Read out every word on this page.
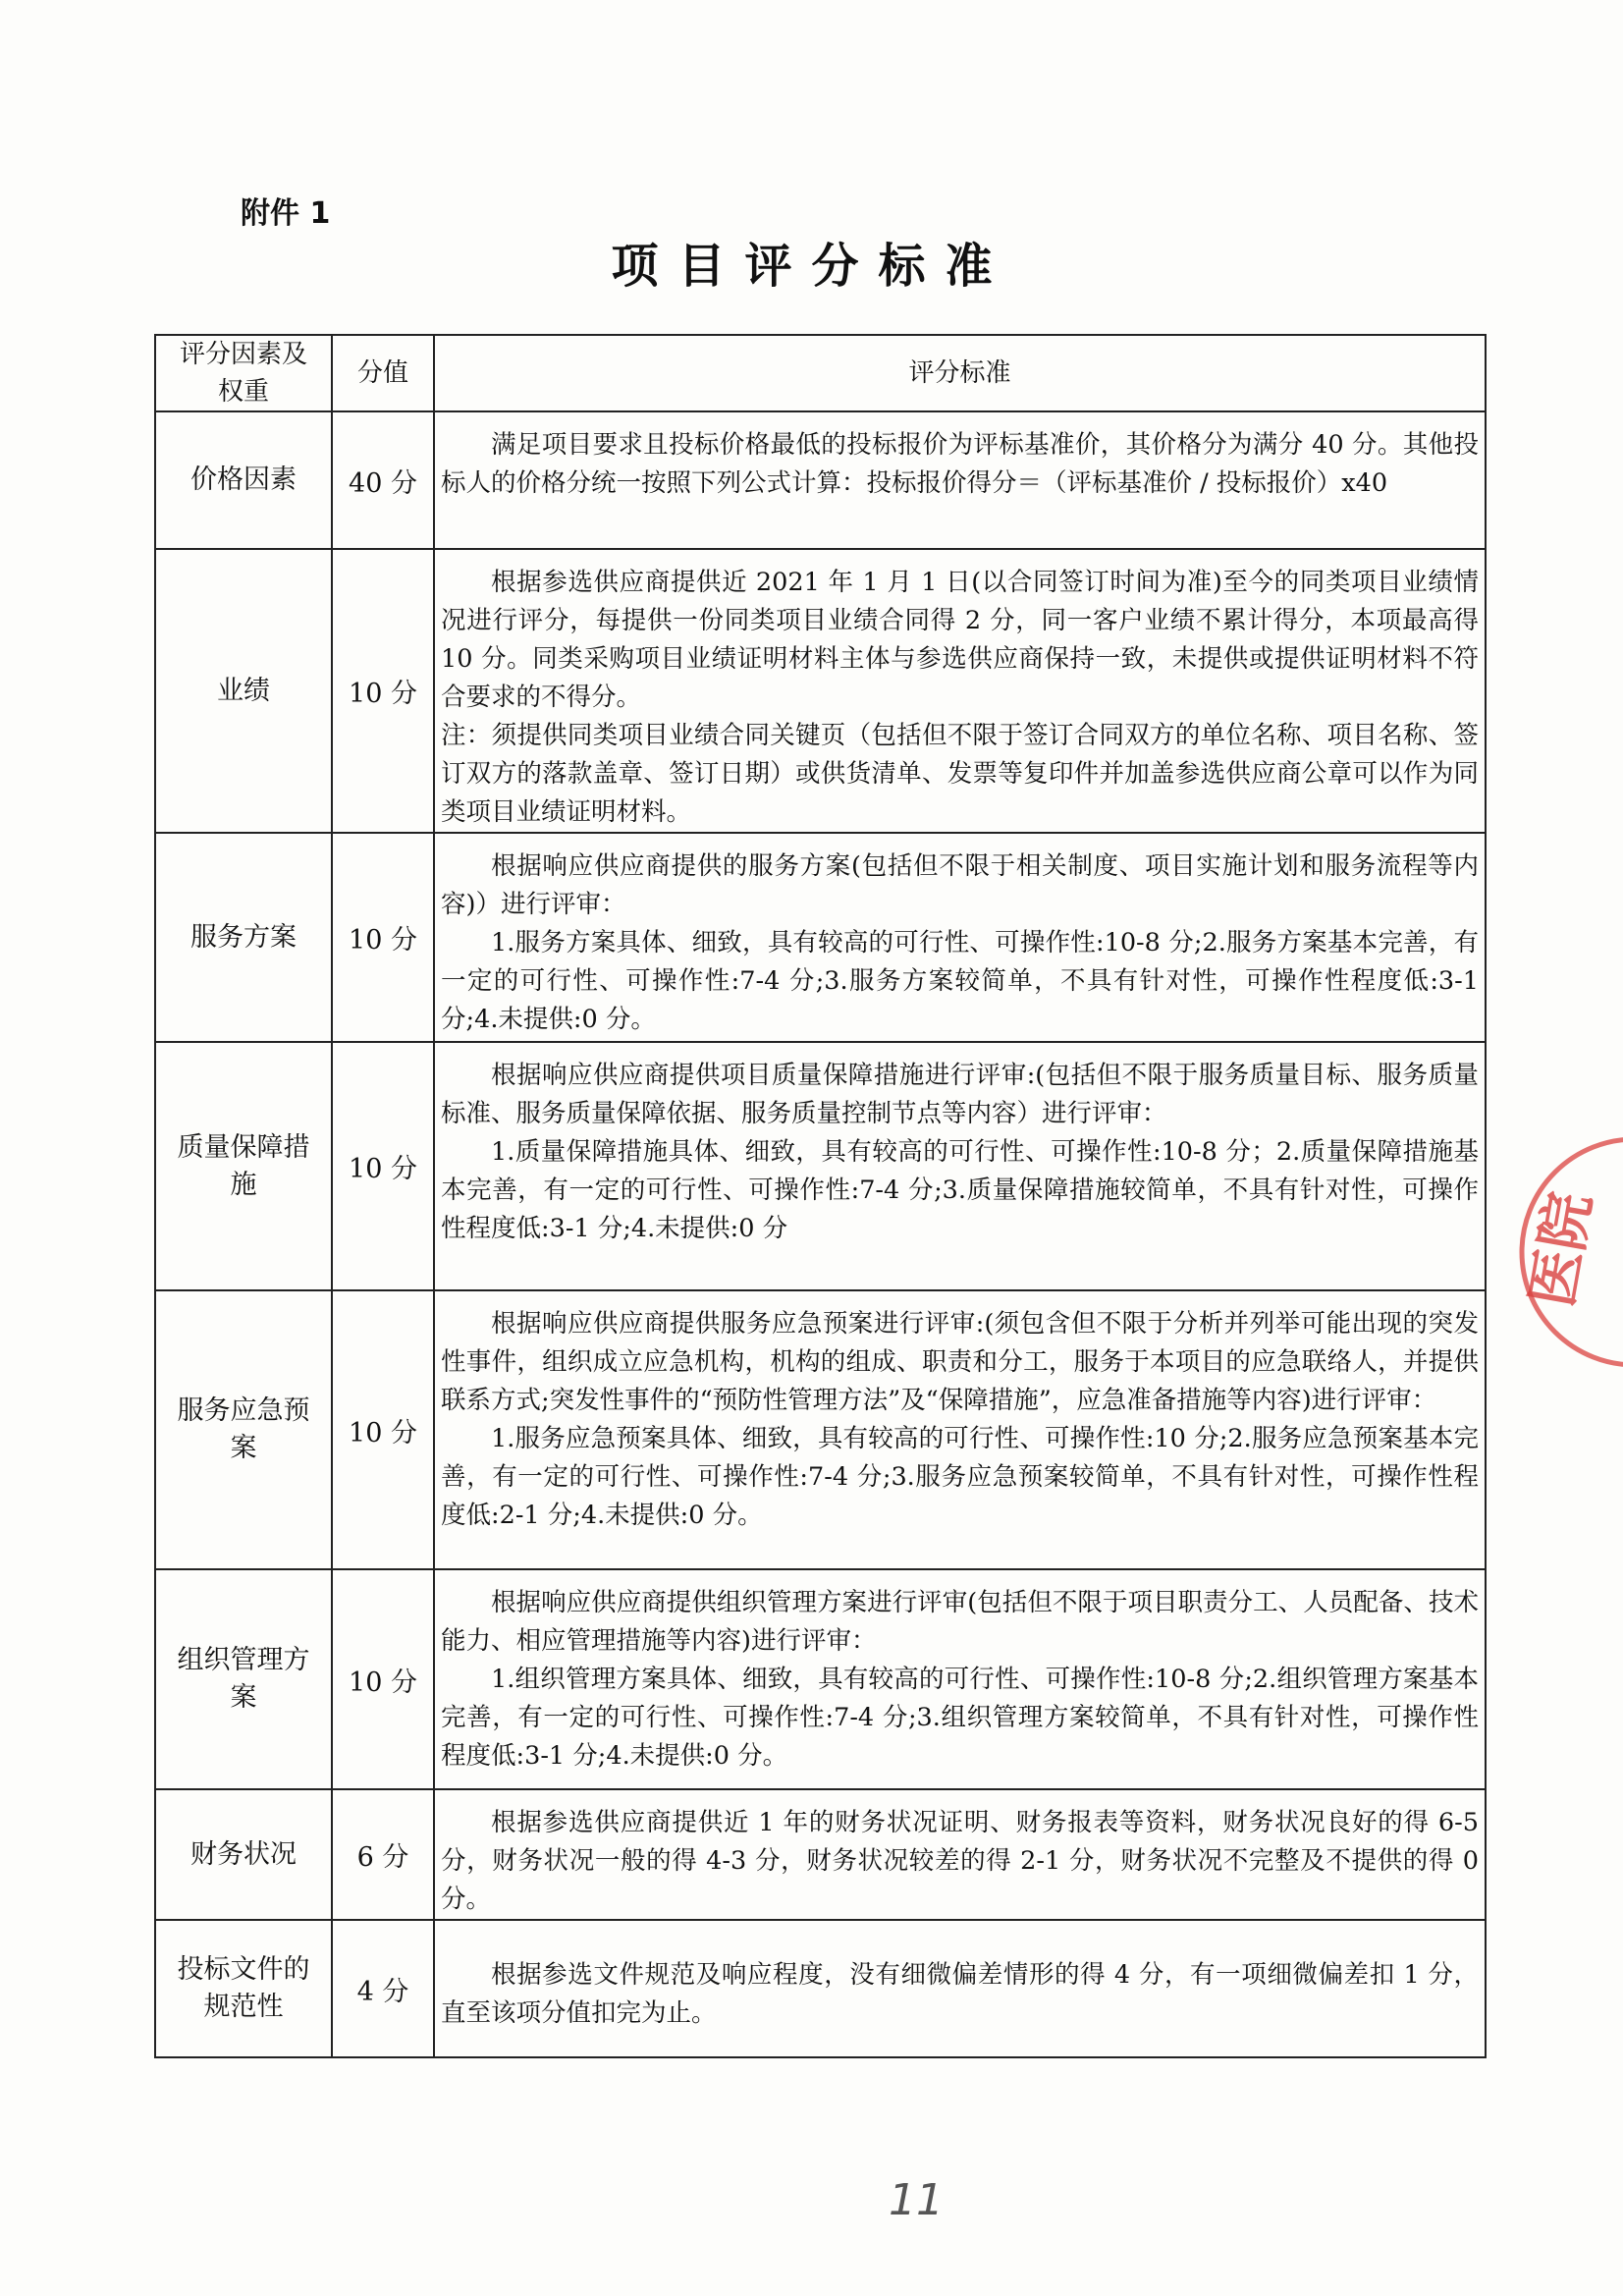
附件 1
项目评分标准
评分因素及权重	分值	评分标准
价格因素	40 分	满足项目要求且投标价格最低的投标报价为评标基准价，其价格分为满分 40 分。其他投标人的价格分统一按照下列公式计算：投标报价得分＝（评标基准价 / 投标报价）x40

业绩	10 分	根据参选供应商提供近 2021 年 1 月 1 日(以合同签订时间为准)至今的同类项目业绩情况进行评分，每提供一份同类项目业绩合同得 2 分，同一客户业绩不累计得分，本项最高得 10 分。同类采购项目业绩证明材料主体与参选供应商保持一致，未提供或提供证明材料不符合要求的不得分。
注：须提供同类项目业绩合同关键页（包括但不限于签订合同双方的单位名称、项目名称、签订双方的落款盖章、签订日期）或供货清单、发票等复印件并加盖参选供应商公章可以作为同类项目业绩证明材料。

服务方案	10 分	根据响应供应商提供的服务方案(包括但不限于相关制度、项目实施计划和服务流程等内容)）进行评审：
1.服务方案具体、细致，具有较高的可行性、可操作性:10-8 分;2.服务方案基本完善，有一定的可行性、可操作性:7-4 分;3.服务方案较简单，不具有针对性，可操作性程度低:3-1 分;4.未提供:0 分。

质量保障措施	10 分	根据响应供应商提供项目质量保障措施进行评审:(包括但不限于服务质量目标、服务质量标准、服务质量保障依据、服务质量控制节点等内容）进行评审：
1.质量保障措施具体、细致，具有较高的可行性、可操作性:10-8 分；2.质量保障措施基本完善，有一定的可行性、可操作性:7-4 分;3.质量保障措施较简单，不具有针对性，可操作性程度低:3-1 分;4.未提供:0 分

服务应急预案	10 分	根据响应供应商提供服务应急预案进行评审:(须包含但不限于分析并列举可能出现的突发性事件，组织成立应急机构，机构的组成、职责和分工，服务于本项目的应急联络人，并提供联系方式;突发性事件的“预防性管理方法”及“保障措施”，应急准备措施等内容)进行评审：
1.服务应急预案具体、细致，具有较高的可行性、可操作性:10 分;2.服务应急预案基本完善，有一定的可行性、可操作性:7-4 分;3.服务应急预案较简单，不具有针对性，可操作性程度低:2-1 分;4.未提供:0 分。

组织管理方案	10 分	根据响应供应商提供组织管理方案进行评审(包括但不限于项目职责分工、人员配备、技术能力、相应管理措施等内容)进行评审：
1.组织管理方案具体、细致，具有较高的可行性、可操作性:10-8 分;2.组织管理方案基本完善，有一定的可行性、可操作性:7-4 分;3.组织管理方案较简单，不具有针对性，可操作性程度低:3-1 分;4.未提供:0 分。

财务状况	6 分	根据参选供应商提供近 1 年的财务状况证明、财务报表等资料，财务状况良好的得 6-5 分，财务状况一般的得 4-3 分，财务状况较差的得 2-1 分，财务状况不完整及不提供的得 0 分。

投标文件的规范性	4 分	根据参选文件规范及响应程度，没有细微偏差情形的得 4 分，有一项细微偏差扣 1 分，直至该项分值扣完为止。
医院
11
